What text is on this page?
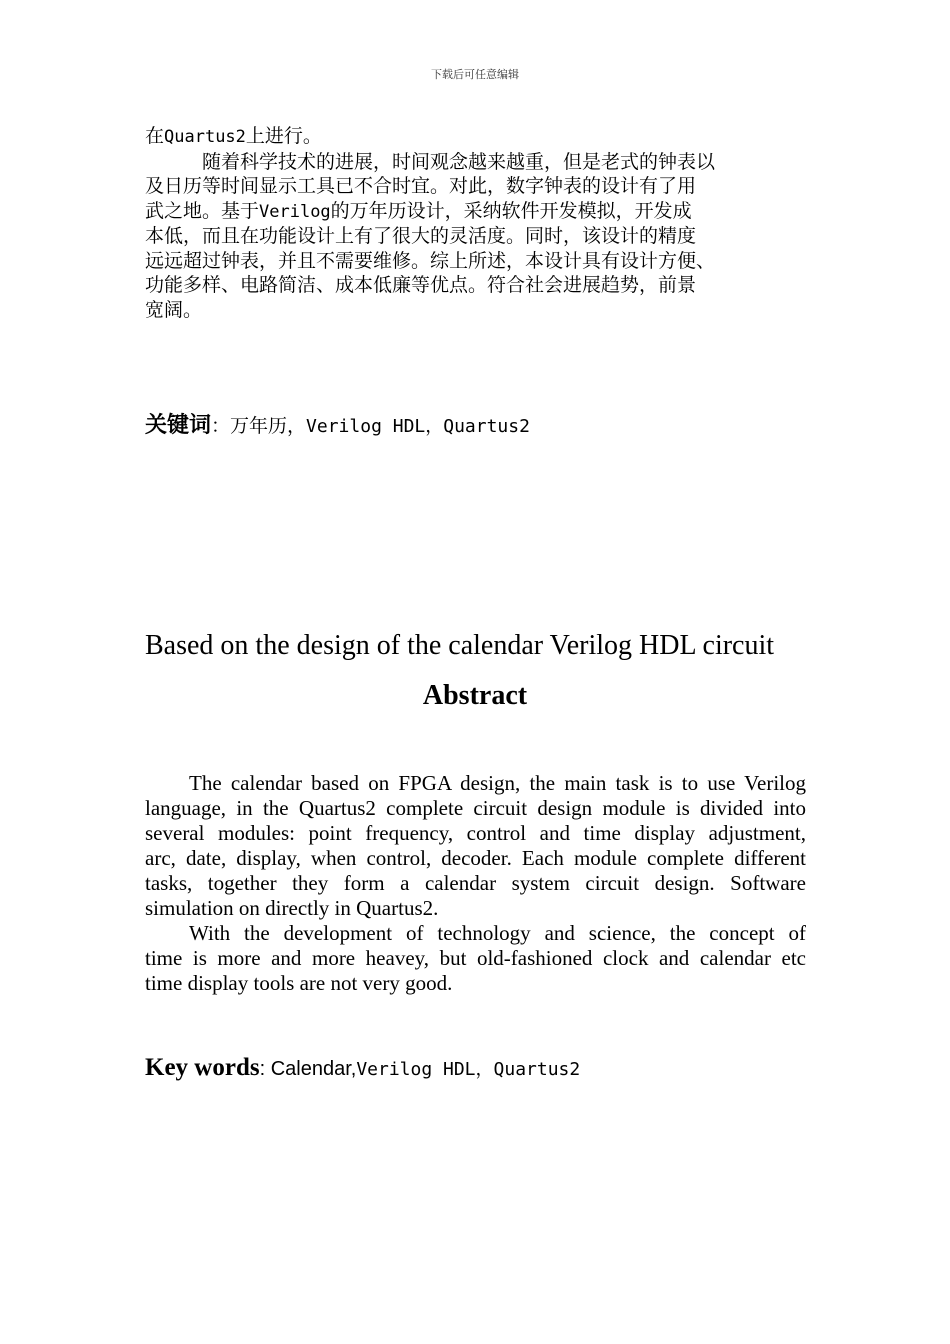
下载后可任意编辑
在Quartus2上进行。
随着科学技术的进展，时间观念越来越重，但是老式的钟表以
及日历等时间显示工具已不合时宜。对此，数字钟表的设计有了用
武之地。基于Verilog的万年历设计，采纳软件开发模拟，开发成
本低，而且在功能设计上有了很大的灵活度。同时，该设计的精度
远远超过钟表，并且不需要维修。综上所述，本设计具有设计方便、
功能多样、电路简洁、成本低廉等优点。符合社会进展趋势，前景
宽阔。
关键词：万年历，Verilog HDL，Quartus2
Based on the design of the calendar Verilog HDL circuit
Abstract
The calendar based on FPGA design, the main task is to use Verilog
language, in the Quartus2 complete circuit design module is divided into
several modules: point frequency, control and time display adjustment,
arc, date, display, when control, decoder. Each module complete different
tasks, together they form a calendar system circuit design. Software
simulation on directly in Quartus2.
With the development of technology and science, the concept of
time is more and more heavey, but old-fashioned clock and calendar etc
time display tools are not very good.
Key words: Calendar,Verilog HDL，Quartus2
